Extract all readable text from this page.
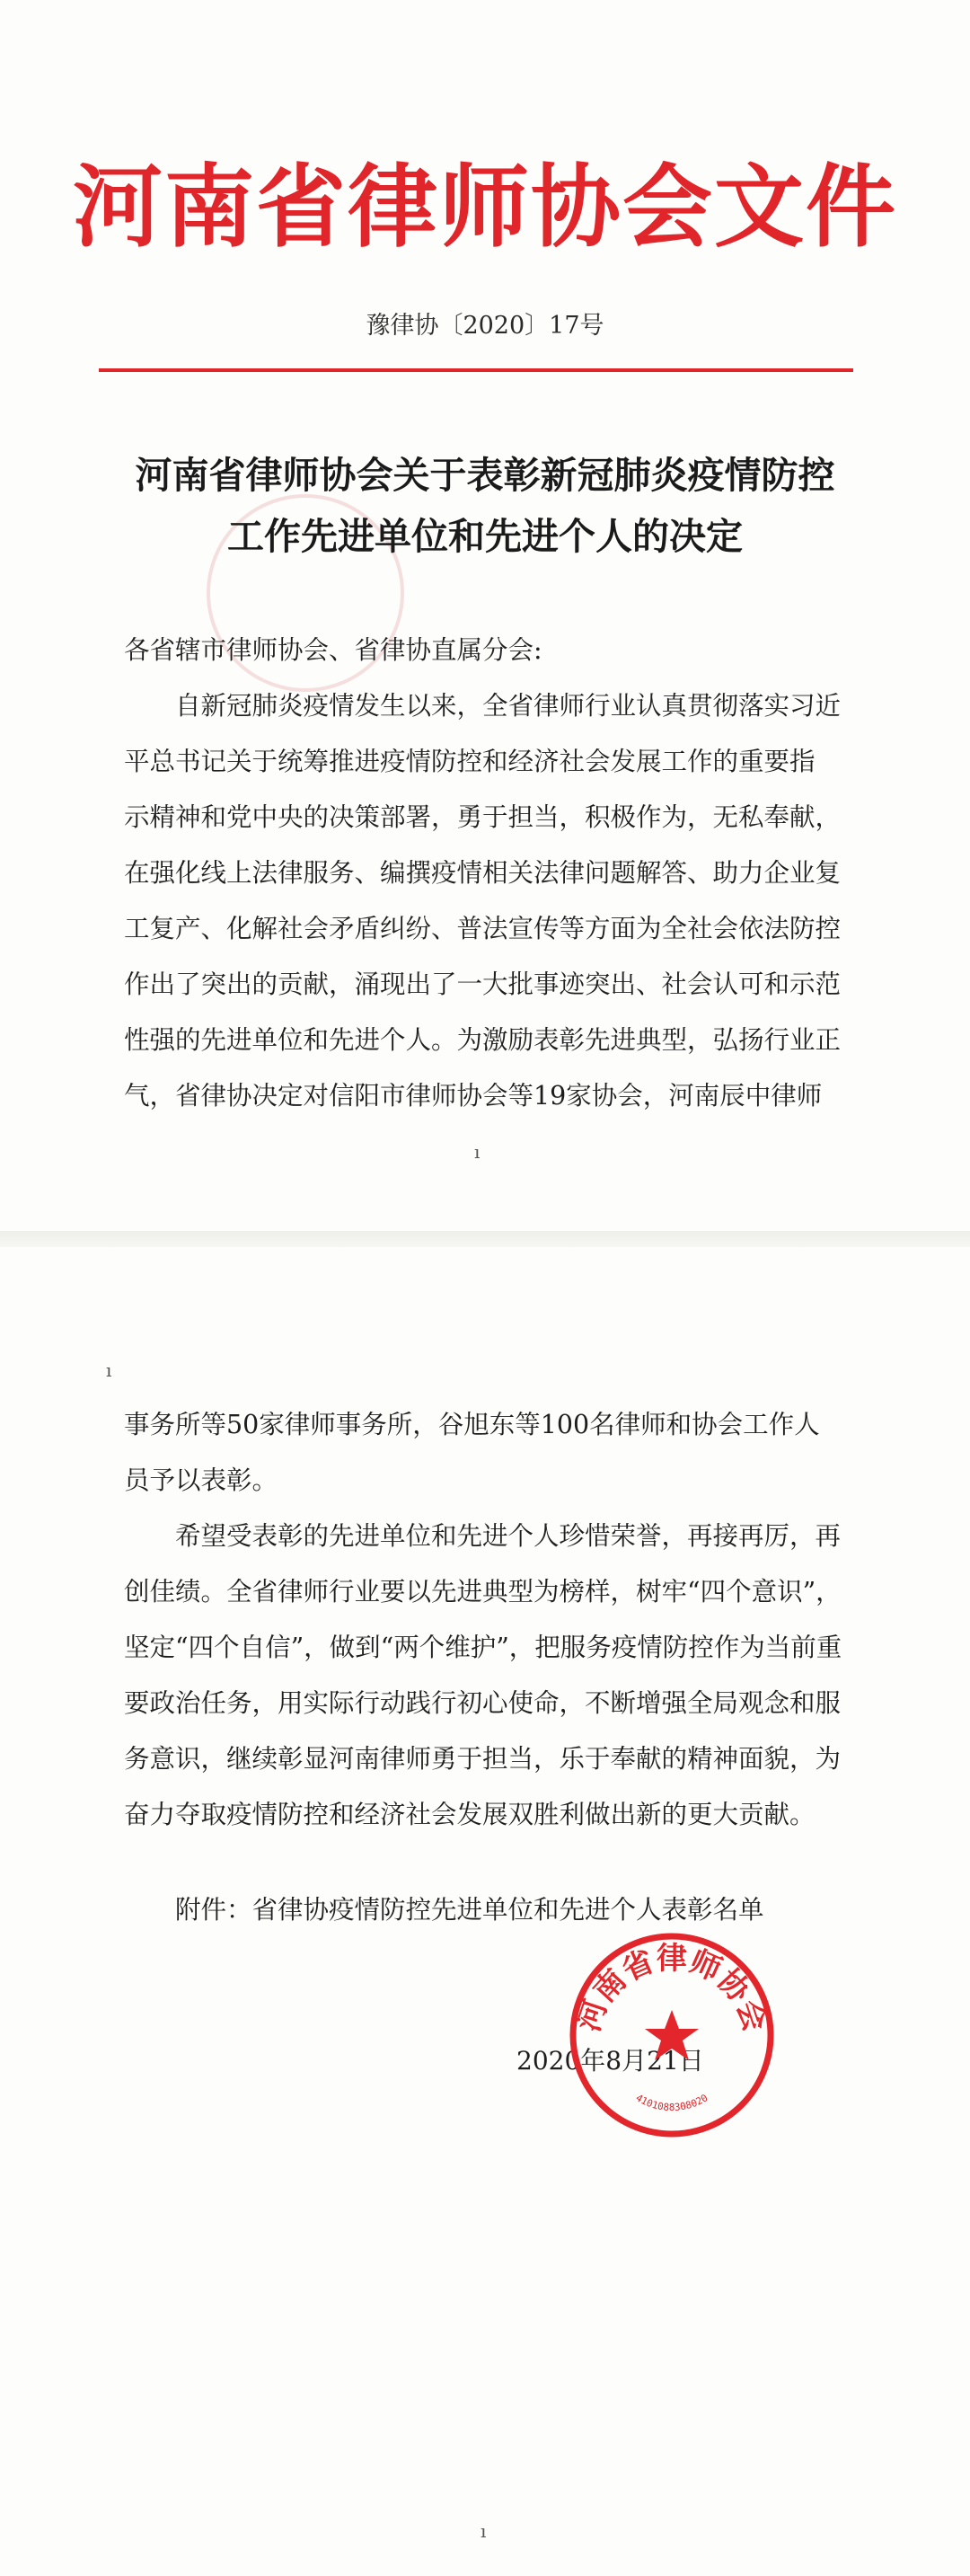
河南省律师协会文件
豫律协〔2020〕17号
河南省律师协会关于表彰新冠肺炎疫情防控
工作先进单位和先进个人的决定
各省辖市律师协会、省律协直属分会:
自新冠肺炎疫情发生以来，全省律师行业认真贯彻落实习近
平总书记关于统筹推进疫情防控和经济社会发展工作的重要指
示精神和党中央的决策部署，勇于担当，积极作为，无私奉献，
在强化线上法律服务、编撰疫情相关法律问题解答、助力企业复
工复产、化解社会矛盾纠纷、普法宣传等方面为全社会依法防控
作出了突出的贡献，涌现出了一大批事迹突出、社会认可和示范
性强的先进单位和先进个人。为激励表彰先进典型，弘扬行业正
气，省律协决定对信阳市律师协会等19家协会，河南辰中律师
ı
ı
事务所等50家律师事务所，谷旭东等100名律师和协会工作人
员予以表彰。
希望受表彰的先进单位和先进个人珍惜荣誉，再接再厉，再
创佳绩。全省律师行业要以先进典型为榜样，树牢“四个意识”，
坚定“四个自信”，做到“两个维护”，把服务疫情防控作为当前重
要政治任务，用实际行动践行初心使命，不断增强全局观念和服
务意识，继续彰显河南律师勇于担当，乐于奉献的精神面貌，为
奋力夺取疫情防控和经济社会发展双胜利做出新的更大贡献。
附件：省律协疫情防控先进单位和先进个人表彰名单
2020年8月21日
河南省律师协会
4101088308020
ı
